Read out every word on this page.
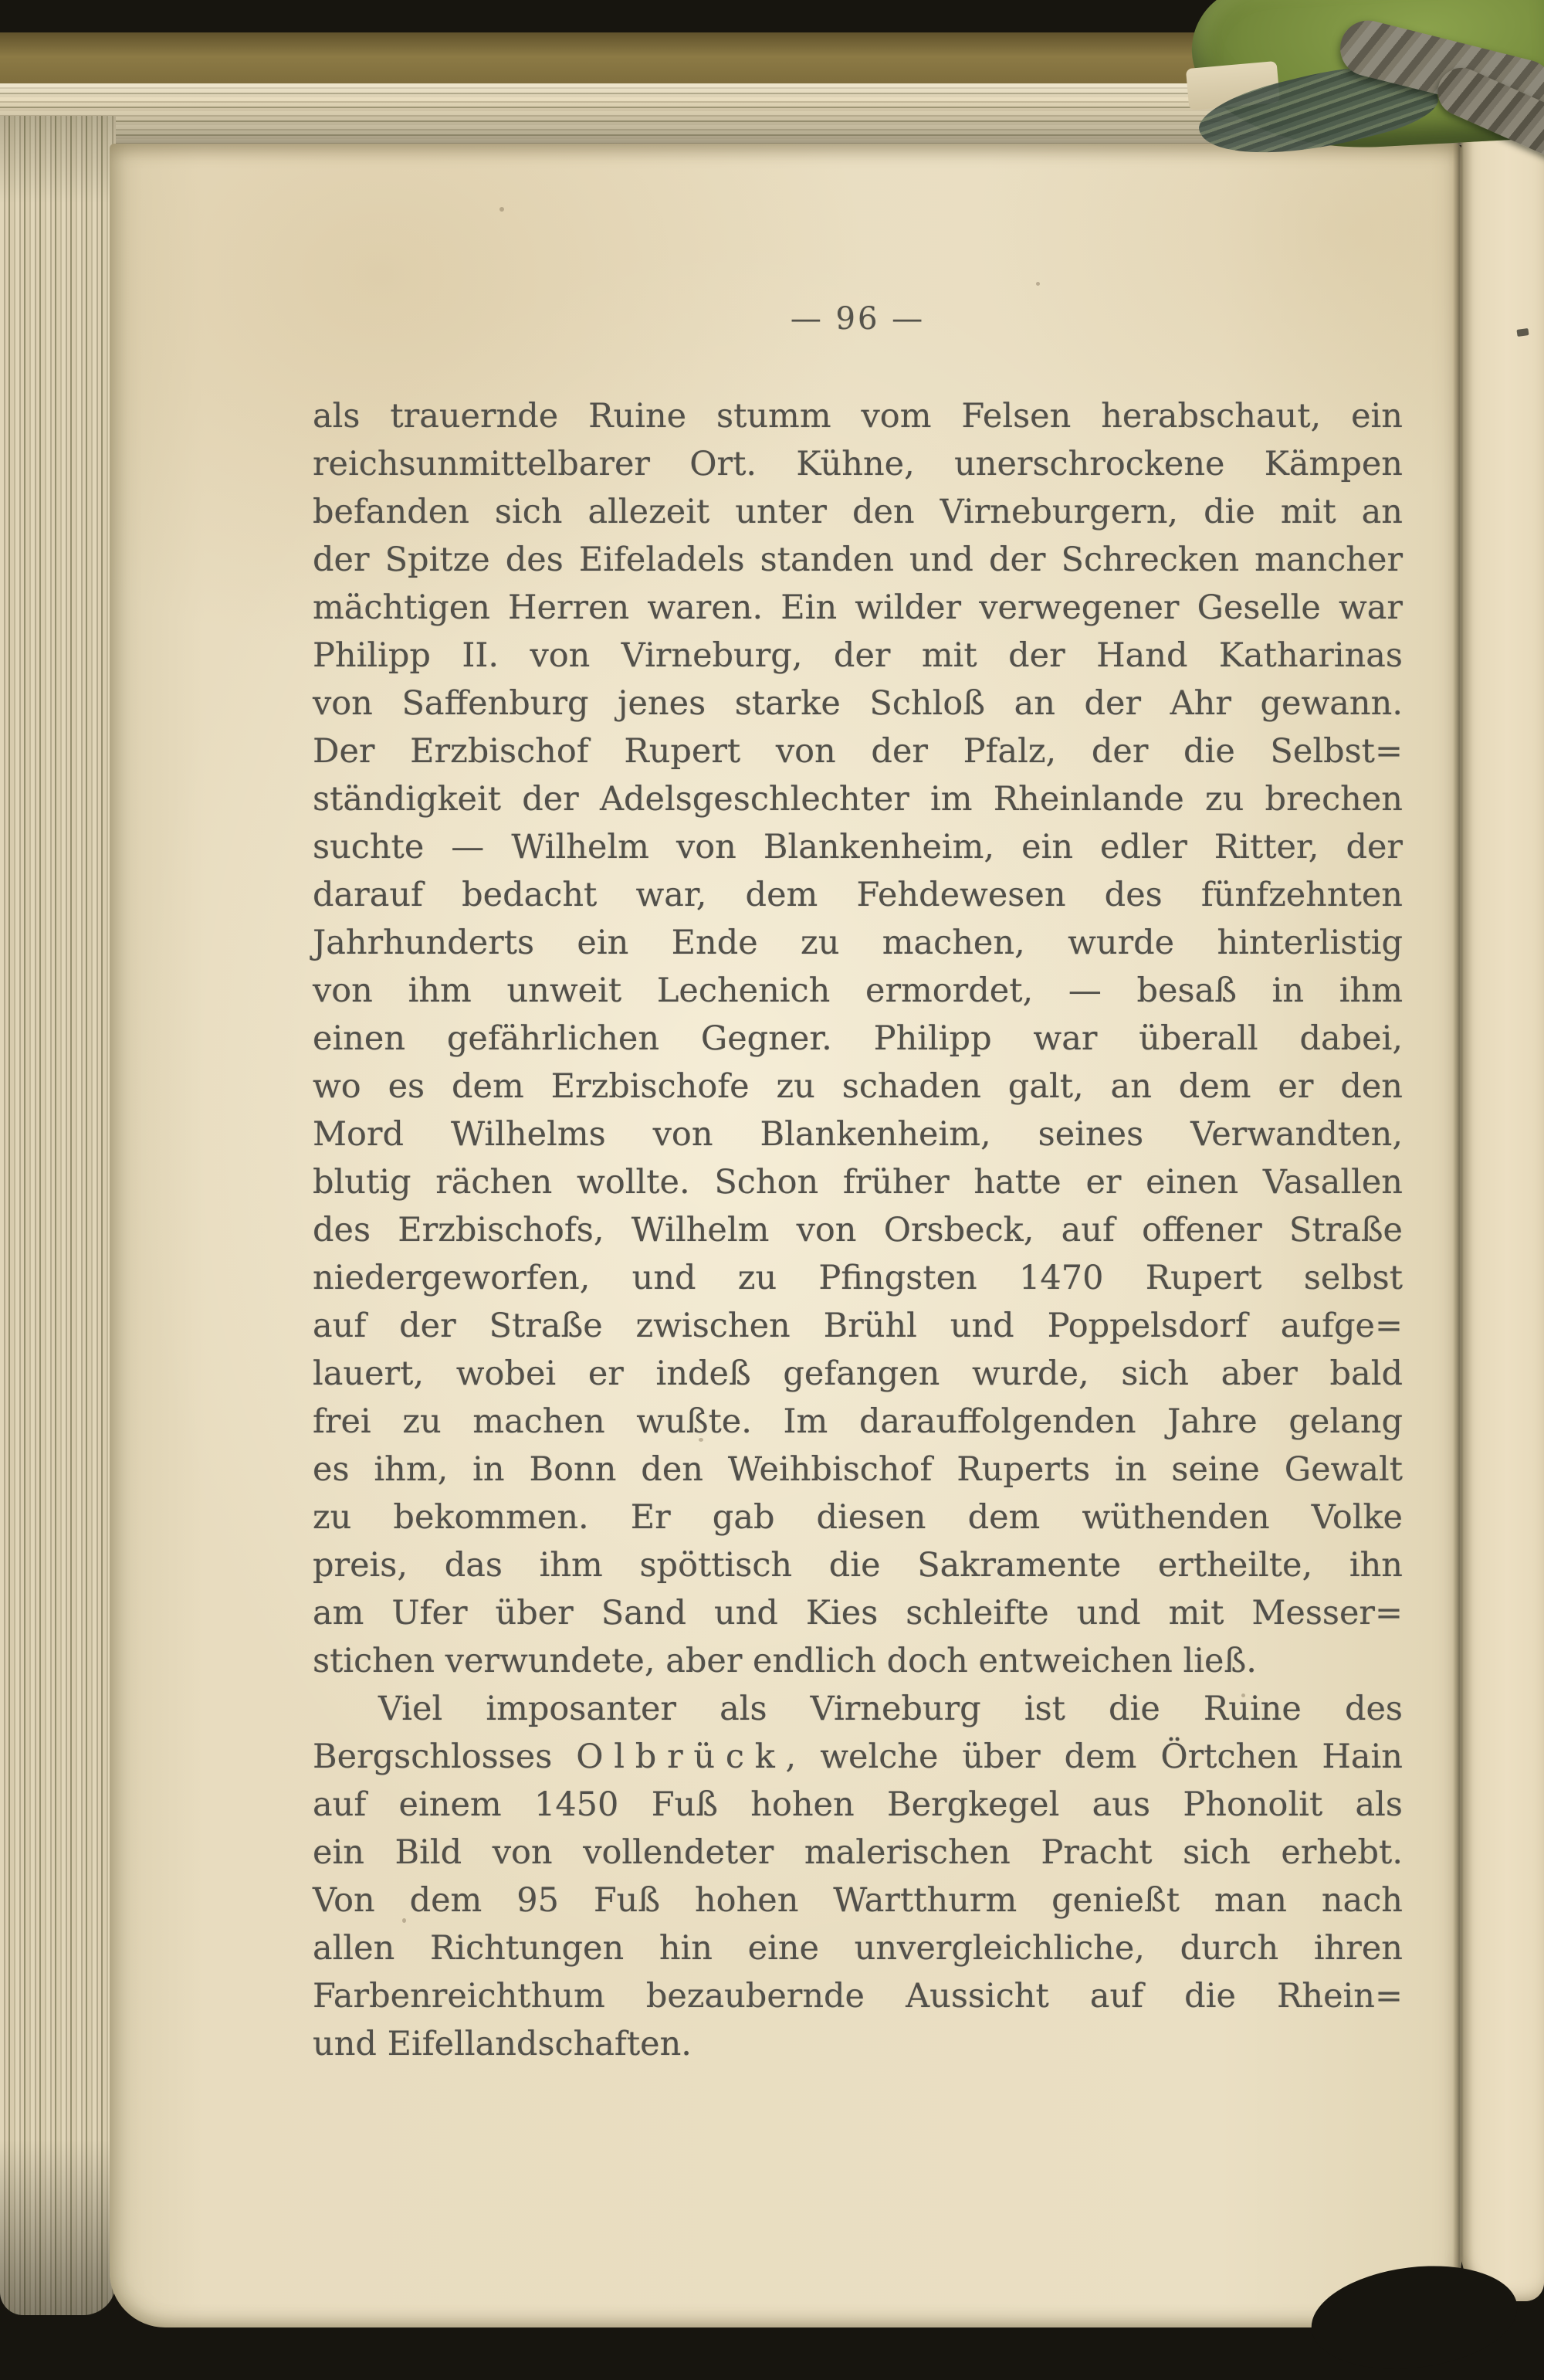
— 96 —
als trauernde Ruine stumm vom Felsen herabschaut, ein
reichsunmittelbarer Ort. Kühne, unerschrockene Kämpen
befanden sich allezeit unter den Virneburgern, die mit an
der Spitze des Eifeladels standen und der Schrecken mancher
mächtigen Herren waren. Ein wilder verwegener Geselle war
Philipp II. von Virneburg, der mit der Hand Katharinas
von Saffenburg jenes starke Schloß an der Ahr gewann.
Der Erzbischof Rupert von der Pfalz, der die Selbst=
ständigkeit der Adelsgeschlechter im Rheinlande zu brechen
suchte — Wilhelm von Blankenheim, ein edler Ritter, der
darauf bedacht war, dem Fehdewesen des fünfzehnten
Jahrhunderts ein Ende zu machen, wurde hinterlistig
von ihm unweit Lechenich ermordet, — besaß in ihm
einen gefährlichen Gegner. Philipp war überall dabei,
wo es dem Erzbischofe zu schaden galt, an dem er den
Mord Wilhelms von Blankenheim, seines Verwandten,
blutig rächen wollte. Schon früher hatte er einen Vasallen
des Erzbischofs, Wilhelm von Orsbeck, auf offener Straße
niedergeworfen, und zu Pfingsten 1470 Rupert selbst
auf der Straße zwischen Brühl und Poppelsdorf aufge=
lauert, wobei er indeß gefangen wurde, sich aber bald
frei zu machen wußte. Im darauffolgenden Jahre gelang
es ihm, in Bonn den Weihbischof Ruperts in seine Gewalt
zu bekommen. Er gab diesen dem wüthenden Volke
preis, das ihm spöttisch die Sakramente ertheilte, ihn
am Ufer über Sand und Kies schleifte und mit Messer=
stichen verwundete, aber endlich doch entweichen ließ.
Viel imposanter als Virneburg ist die Ruine des
Bergschlosses Olbrück, welche über dem Örtchen Hain
auf einem 1450 Fuß hohen Bergkegel aus Phonolit als
ein Bild von vollendeter malerischen Pracht sich erhebt.
Von dem 95 Fuß hohen Wartthurm genießt man nach
allen Richtungen hin eine unvergleichliche, durch ihren
Farbenreichthum bezaubernde Aussicht auf die Rhein=
und Eifellandschaften.
